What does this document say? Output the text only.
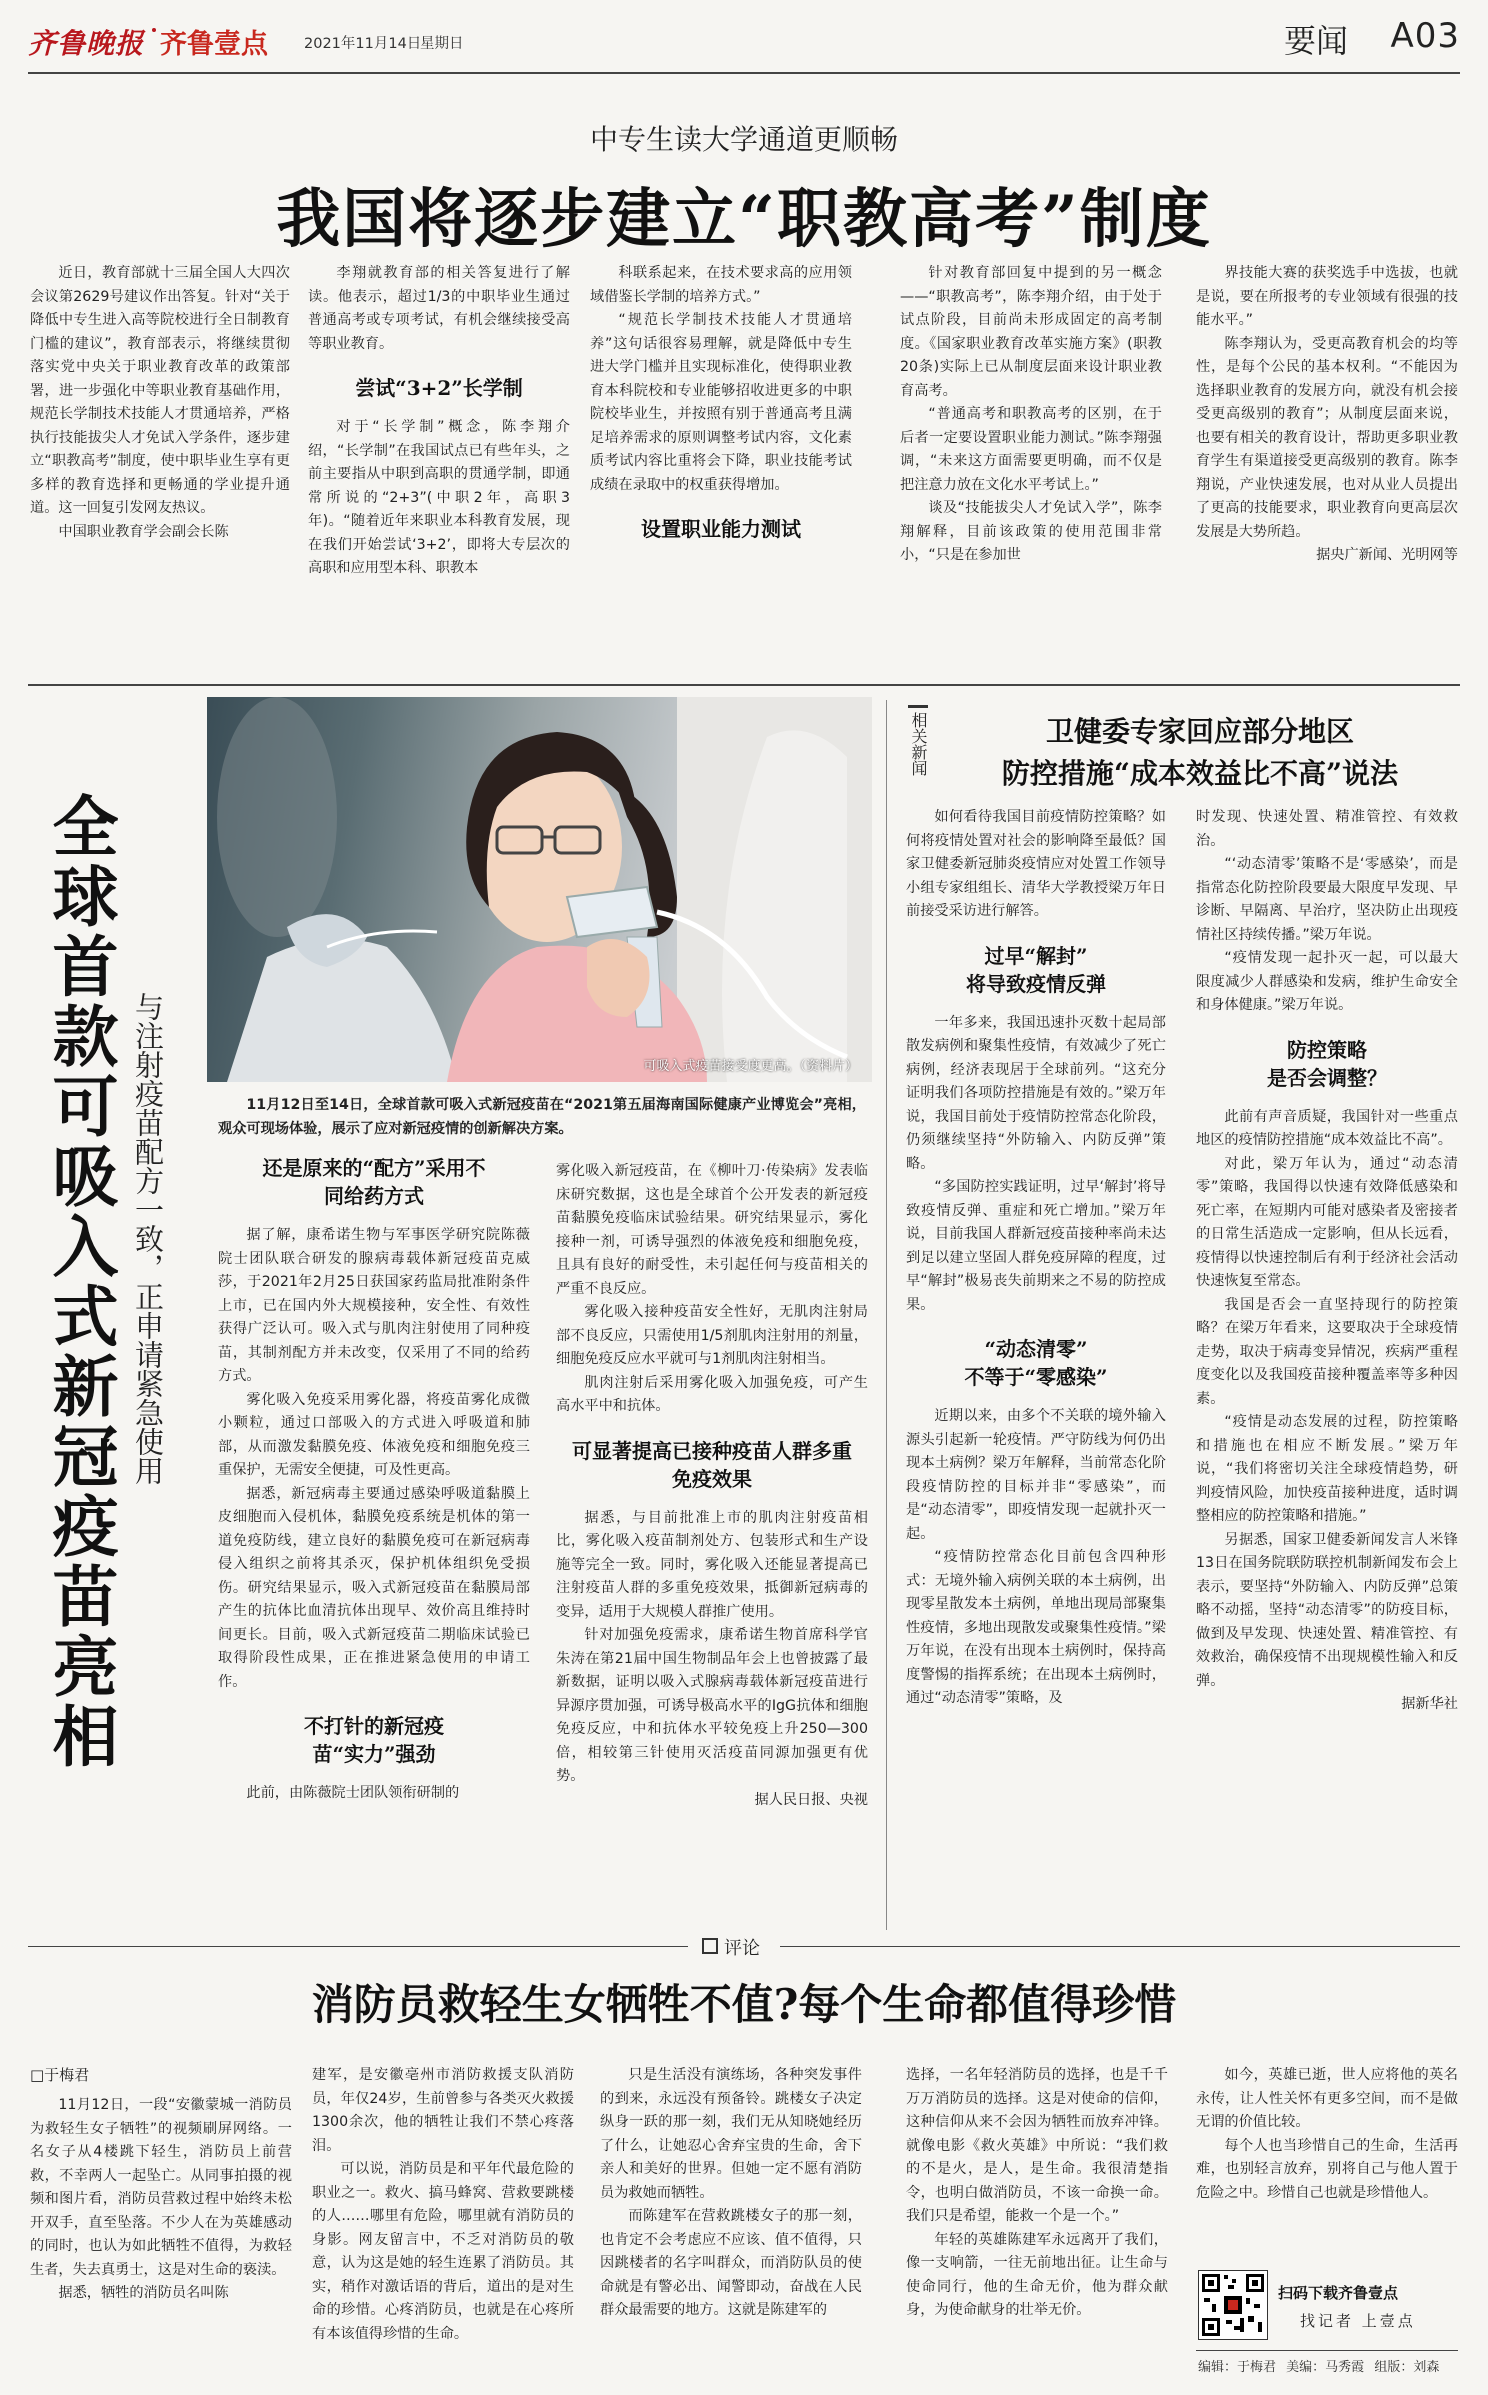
齐鲁晚报 齐鲁壹点 2021年11月14日
星期日	要闻 A03
中专生读大学通道更顺畅
我国将逐步建立“职教高考”制度

近日，教育部就十三届全国人大四次会议第2629号建议作出答复。针对“关于降低中专生进入高等院校进行全日制教育门槛的建议”，教育部表示，将继续贯彻落实党中央关于职业教育改革的政策部署，进一步强化中等职业教育基础作用，规范长学制技术技能人才贯通培养，严格执行技能拔尖人才免试入学条件，逐步建立“职教高考”制度，使中职毕业生享有更多样的教育选择和更畅通的学业提升通道。这一回复引发网友热议。

中国职业教育学会副会长陈

李翔就教育部的相关答复进行了解读。他表示，超过1/3的中职毕业生通过普通高考或专项考试，有机会继续接受高等职业教育。

尝试“3+2”长学制

对于“长学制”概念，陈李翔介绍，“长学制”在我国试点已有些年头，之前主要指从中职到高职的贯通学制，即通常所说的“2+3”(中职2年，高职3年)。“随着近年来职业本科教育发展，现在我们开始尝试‘3+2’，即将大专层次的高职和应用型本科、职教本

科联系起来，在技术要求高的应用领域借鉴长学制的培养方式。”

“规范长学制技术技能人才贯通培养”这句话很容易理解，就是降低中专生进大学门槛并且实现标准化，使得职业教育本科院校和专业能够招收进更多的中职院校毕业生，并按照有别于普通高考且满足培养需求的原则调整考试内容，文化素质考试内容比重将会下降，职业技能考试成绩在录取中的权重获得增加。

设置职业能力测试

针对教育部回复中提到的另一概念——“职教高考”，陈李翔介绍，由于处于试点阶段，目前尚未形成固定的高考制度。《国家职业教育改革实施方案》(职教20条)实际上已从制度层面来设计职业教育高考。

“普通高考和职教高考的区别，在于后者一定要设置职业能力测试。”陈李翔强调，“未来这方面需要更明确，而不仅是把注意力放在文化水平考试上。”

谈及“技能拔尖人才免试入学”，陈李翔解释，目前该政策的使用范围非常小，“只是在参加世

界技能大赛的获奖选手中选拔，也就是说，要在所报考的专业领域有很强的技能水平。”

陈李翔认为，受更高教育机会的均等性，是每个公民的基本权利。“不能因为选择职业教育的发展方向，就没有机会接受更高级别的教育”；从制度层面来说，也要有相关的教育设计，帮助更多职业教育学生有渠道接受更高级别的教育。陈李翔说，产业快速发展，也对从业人员提出了更高的技能要求，职业教育向更高层次发展是大势所趋。

据央广新闻、光明网等
全球首款可吸入式新冠疫苗亮相 与注射疫苗配方一致，正申请紧急使用	可吸入式疫苗接受度更高。（资料片）
11月12日至14日，全球首款可吸入式新冠疫苗在“2021第五届海南国际健康产业博览会”亮相，观众可现场体验，展示了应对新冠疫情的创新解决方案。
还是原来的“配方”采用不同给药方式

据了解，康希诺生物与军事医学研究院陈薇院士团队联合研发的腺病毒载体新冠疫苗克威莎，于2021年2月25日获国家药监局批准附条件上市，已在国内外大规模接种，安全性、有效性获得广泛认可。吸入式与肌肉注射使用了同种疫苗，其制剂配方并未改变，仅采用了不同的给药方式。

雾化吸入免疫采用雾化器，将疫苗雾化成微小颗粒，通过口部吸入的方式进入呼吸道和肺部，从而激发黏膜免疫、体液免疫和细胞免疫三重保护，无需安全便捷，可及性更高。

据悉，新冠病毒主要通过感染呼吸道黏膜上皮细胞而入侵机体，黏膜免疫系统是机体的第一道免疫防线，建立良好的黏膜免疫可在新冠病毒侵入组织之前将其杀灭，保护机体组织免受损伤。研究结果显示，吸入式新冠疫苗在黏膜局部产生的抗体比血清抗体出现早、效价高且维持时间更长。目前，吸入式新冠疫苗二期临床试验已取得阶段性成果，正在推进紧急使用的申请工作。

不打针的新冠疫苗“实力”强劲

此前，由陈薇院士团队领衔研制的

雾化吸入新冠疫苗，在《柳叶刀·传染病》发表临床研究数据，这也是全球首个公开发表的新冠疫苗黏膜免疫临床试验结果。研究结果显示，雾化接种一剂，可诱导强烈的体液免疫和细胞免疫，且具有良好的耐受性，未引起任何与疫苗相关的严重不良反应。

雾化吸入接种疫苗安全性好，无肌肉注射局部不良反应，只需使用1/5剂肌肉注射用的剂量，细胞免疫反应水平就可与1剂肌肉注射相当。

肌肉注射后采用雾化吸入加强免疫，可产生高水平中和抗体。

可显著提高已接种疫苗人群多重免疫效果

据悉，与目前批准上市的肌肉注射疫苗相比，雾化吸入疫苗制剂处方、包装形式和生产设施等完全一致。同时，雾化吸入还能显著提高已注射疫苗人群的多重免疫效果，抵御新冠病毒的变异，适用于大规模人群推广使用。

针对加强免疫需求，康希诺生物首席科学官朱涛在第21届中国生物制品年会上也曾披露了最新数据，证明以吸入式腺病毒载体新冠疫苗进行异源序贯加强，可诱导极高水平的IgG抗体和细胞免疫反应，中和抗体水平较免疫上升250—300倍，相较第三针使用灭活疫苗同源加强更有优势。

据人民日报、央视
相关新闻	卫健委专家回应部分地区
防控措施“成本效益比不高”说法

如何看待我国目前疫情防控策略？如何将疫情处置对社会的影响降至最低？国家卫健委新冠肺炎疫情应对处置工作领导小组专家组组长、清华大学教授梁万年日前接受采访进行解答。

过早“解封”
将导致疫情反弹

一年多来，我国迅速扑灭数十起局部散发病例和聚集性疫情，有效减少了死亡病例，经济表现居于全球前列。“这充分证明我们各项防控措施是有效的。”梁万年说，我国目前处于疫情防控常态化阶段，仍须继续坚持“外防输入、内防反弹”策略。

“多国防控实践证明，过早‘解封’将导致疫情反弹、重症和死亡增加。”梁万年说，目前我国人群新冠疫苗接种率尚未达到足以建立坚固人群免疫屏障的程度，过早“解封”极易丧失前期来之不易的防控成果。

“动态清零”
不等于“零感染”

近期以来，由多个不关联的境外输入源头引起新一轮疫情。严守防线为何仍出现本土病例？梁万年解释，当前常态化阶段疫情防控的目标并非“零感染”，而是“动态清零”，即疫情发现一起就扑灭一起。

“疫情防控常态化目前包含四种形式：无境外输入病例关联的本土病例，出现零星散发本土病例，单地出现局部聚集性疫情，多地出现散发或聚集性疫情。”梁万年说，在没有出现本土病例时，保持高度警惕的指挥系统；在出现本土病例时，通过“动态清零”策略，及

时发现、快速处置、精准管控、有效救治。

“‘动态清零’策略不是‘零感染’，而是指常态化防控阶段要最大限度早发现、早诊断、早隔离、早治疗，坚决防止出现疫情社区持续传播。”梁万年说。

“疫情发现一起扑灭一起，可以最大限度减少人群感染和发病，维护生命安全和身体健康。”梁万年说。

防控策略
是否会调整？

此前有声音质疑，我国针对一些重点地区的疫情防控措施“成本效益比不高”。

对此，梁万年认为，通过“动态清零”策略，我国得以快速有效降低感染和死亡率，在短期内可能对感染者及密接者的日常生活造成一定影响，但从长远看，疫情得以快速控制后有利于经济社会活动快速恢复至常态。

我国是否会一直坚持现行的防控策略？在梁万年看来，这要取决于全球疫情走势，取决于病毒变异情况，疾病严重程度变化以及我国疫苗接种覆盖率等多种因素。

“疫情是动态发展的过程，防控策略和措施也在相应不断发展。”梁万年说，“我们将密切关注全球疫情趋势，研判疫情风险，加快疫苗接种进度，适时调整相应的防控策略和措施。”

另据悉，国家卫健委新闻发言人米锋13日在国务院联防联控机制新闻发布会上表示，要坚持“外防输入、内防反弹”总策略不动摇，坚持“动态清零”的防疫目标，做到及早发现、快速处置、精准管控、有效救治，确保疫情不出现规模性输入和反弹。

据新华社
评论
消防员救轻生女牺牲不值?每个生命都值得珍惜
□于梅君

11月12日，一段“安徽蒙城一消防员为救轻生女子牺牲”的视频刷屏网络。一名女子从4楼跳下轻生，消防员上前营救，不幸两人一起坠亡。从同事拍摄的视频和图片看，消防员营救过程中始终未松开双手，直至坠落。不少人在为英雄感动的同时，也认为如此牺牲不值得，为救轻生者，失去真勇士，这是对生命的亵渎。

据悉，牺牲的消防员名叫陈

建军，是安徽亳州市消防救援支队消防员，年仅24岁，生前曾参与各类灭火救援1300余次，他的牺牲让我们不禁心疼落泪。

可以说，消防员是和平年代最危险的职业之一。救火、搞马蜂窝、营救要跳楼的人……哪里有危险，哪里就有消防员的身影。网友留言中，不乏对消防员的敬意，认为这是她的轻生连累了消防员。其实，稍作对激话语的背后，道出的是对生命的珍惜。心疼消防员，也就是在心疼所有本该值得珍惜的生命。

只是生活没有演练场，各种突发事件的到来，永远没有预备铃。跳楼女子决定纵身一跃的那一刻，我们无从知晓她经历了什么，让她忍心舍弃宝贵的生命，舍下亲人和美好的世界。但她一定不愿有消防员为救她而牺牲。

而陈建军在营救跳楼女子的那一刻，也肯定不会考虑应不应该、值不值得，只因跳楼者的名字叫群众，而消防队员的使命就是有警必出、闻警即动，奋战在人民群众最需要的地方。这就是陈建军的

选择，一名年轻消防员的选择，也是千千万万消防员的选择。这是对使命的信仰，这种信仰从来不会因为牺牲而放弃冲锋。就像电影《救火英雄》中所说：“我们救的不是火，是人，是生命。我很清楚指令，也明白做消防员，不该一命换一命。我们只是希望，能救一个是一个。”

年轻的英雄陈建军永远离开了我们，像一支响箭，一往无前地出征。让生命与使命同行，他的生命无价，他为群众献身，为使命献身的壮举无价。

如今，英雄已逝，世人应将他的英名永传，让人性关怀有更多空间，而不是做无谓的价值比较。

每个人也当珍惜自己的生命，生活再难，也别轻言放弃，别将自己与他人置于危险之中。珍惜自己也就是珍惜他人。

扫码下载齐鲁壹点
找记者 上壹点
编辑：于梅君 美编：马秀霞 组版：刘森
